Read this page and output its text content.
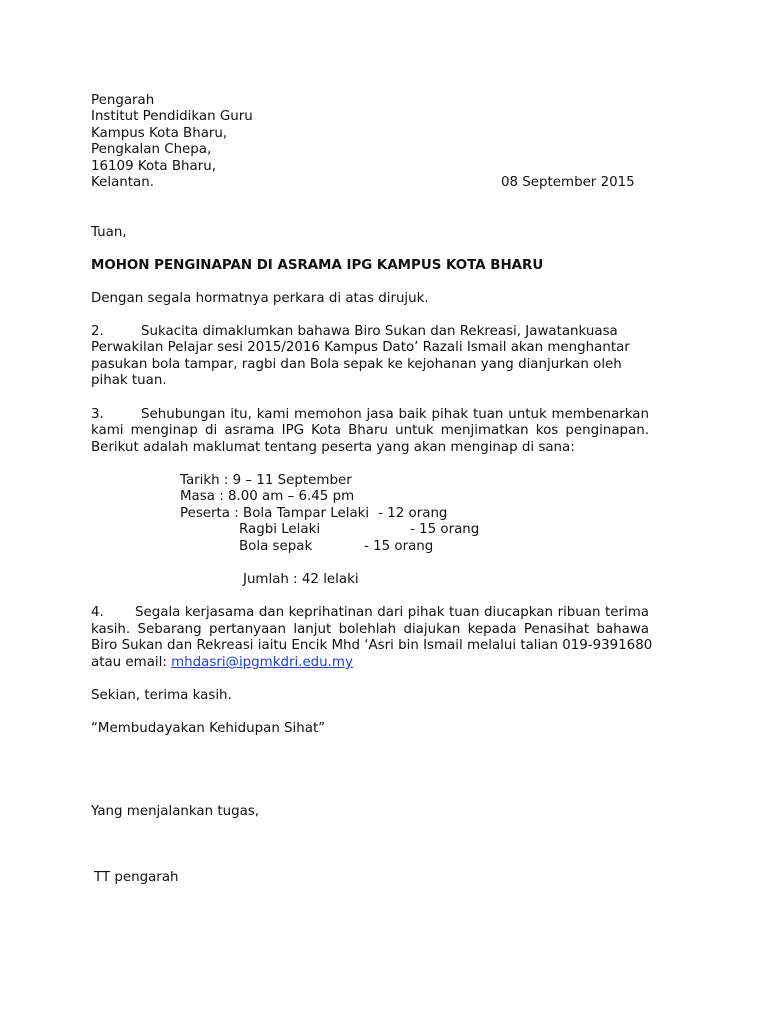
Pengarah
Institut Pendidikan Guru
Kampus Kota Bharu,
Pengkalan Chepa,
16109 Kota Bharu,
Kelantan.	08 September 2015
Tuan,
MOHON PENGINAPAN DI ASRAMA IPG KAMPUS KOTA BHARU
Dengan segala hormatnya perkara di atas dirujuk.
2.	Sukacita dimaklumkan bahawa Biro Sukan dan Rekreasi, Jawatankuasa
Perwakilan Pelajar sesi 2015/2016 Kampus Dato’ Razali Ismail akan menghantar
pasukan bola tampar, ragbi dan Bola sepak ke kejohanan yang dianjurkan oleh
pihak tuan.
3.	Sehubungan itu, kami memohon jasa baik pihak tuan untuk membenarkan
kami menginap di asrama IPG Kota Bharu untuk menjimatkan kos penginapan.
Berikut adalah maklumat tentang peserta yang akan menginap di sana:
Tarikh : 9 – 11 September
Masa : 8.00 am – 6.45 pm
Peserta : Bola Tampar Lelaki - 12 orang
Ragbi Lelaki	- 15 orang
Bola sepak	- 15 orang
Jumlah : 42 lelaki
4. Segala kerjasama dan keprihatinan dari pihak tuan diucapkan ribuan terima
kasih. Sebarang pertanyaan lanjut bolehlah diajukan kepada Penasihat bahawa
Biro Sukan dan Rekreasi iaitu Encik Mhd ‘Asri bin Ismail melalui talian 019-9391680
atau email: mhdasri@ipgmkdri.edu.my
Sekian, terima kasih.
“Membudayakan Kehidupan Sihat”
Yang menjalankan tugas,
TT pengarah
